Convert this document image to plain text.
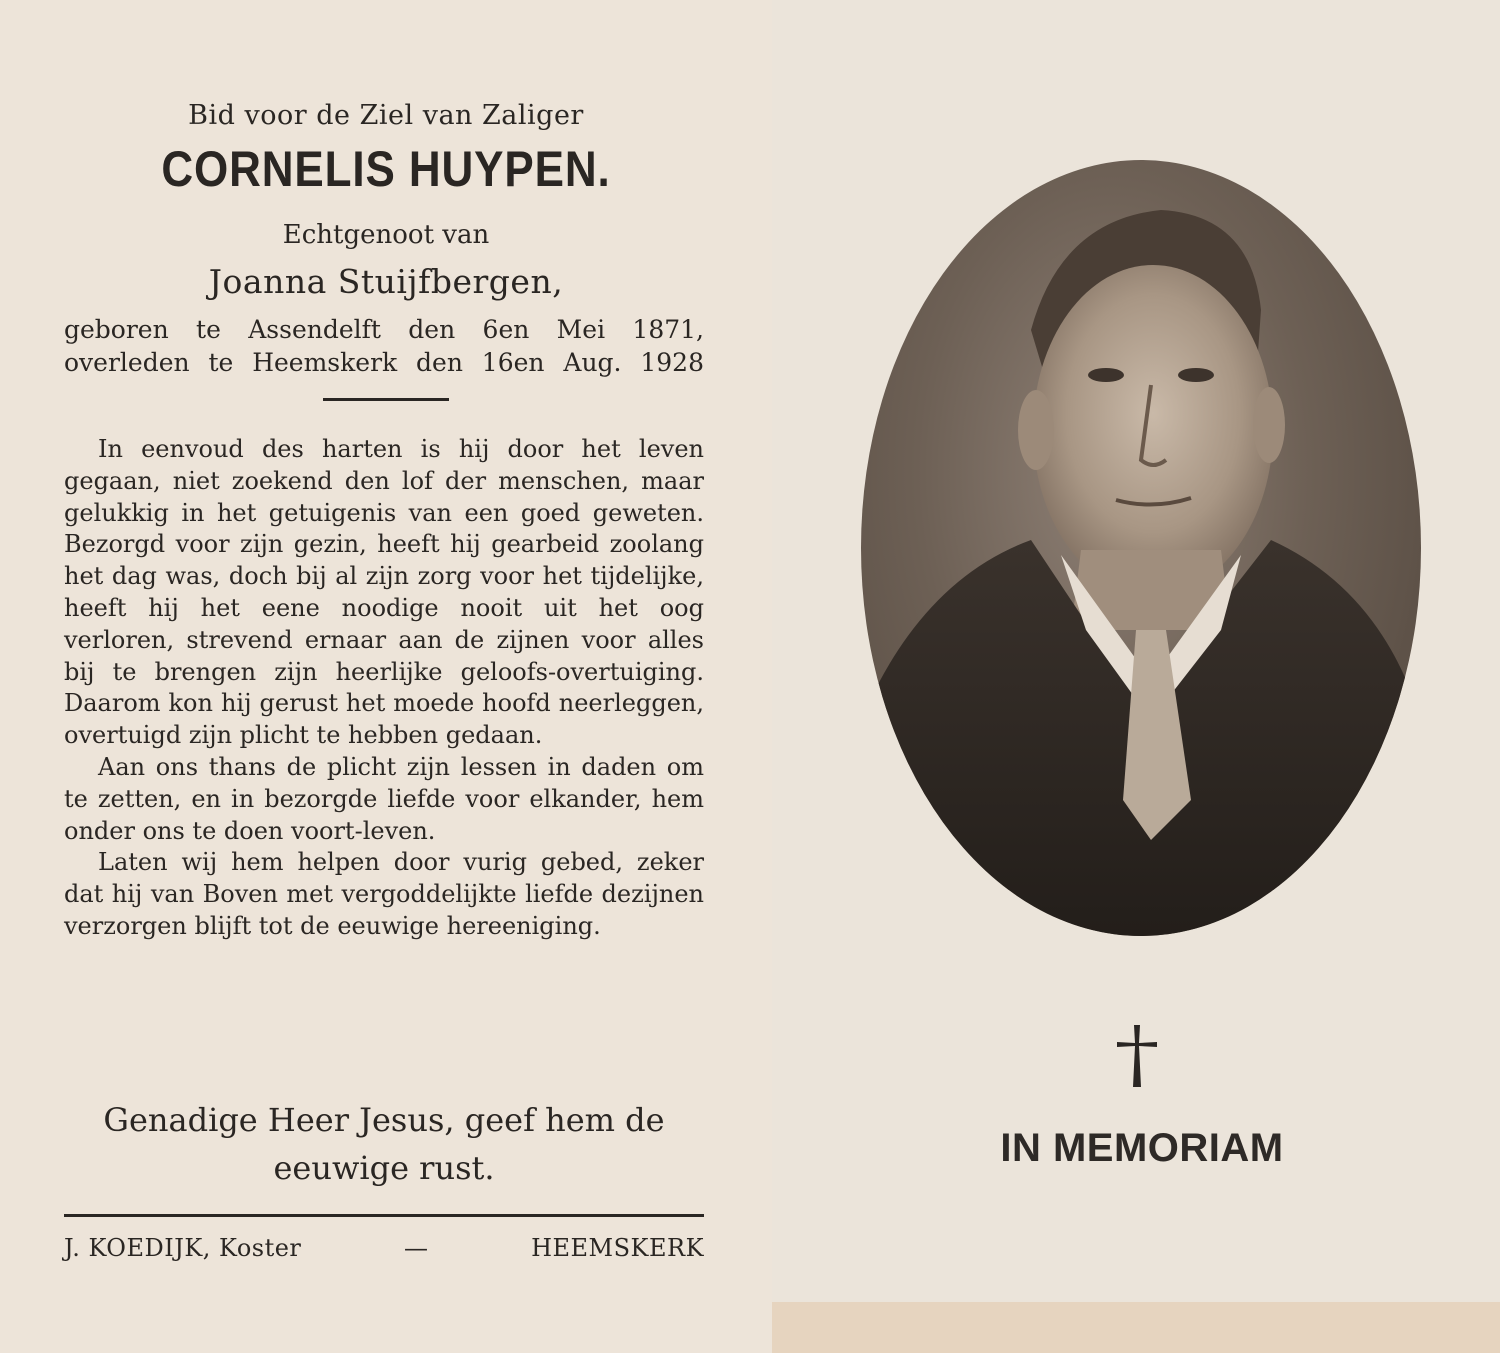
Bid voor de Ziel van Zaliger
CORNELIS HUYPEN.
Echtgenoot van
Joanna Stuijfbergen,
geboren te Assendelft den 6en Mei 1871,
overleden te Heemskerk den 16en Aug. 1928

In eenvoud des harten is hij door het leven gegaan, niet zoekend den lof der menschen, maar gelukkig in het getuigenis van een goed geweten. Bezorgd voor zijn gezin, heeft hij gearbeid zoolang het dag was, doch bij al zijn zorg voor het tijdelijke, heeft hij het eene noodige nooit uit het oog verloren, strevend ernaar aan de zijnen voor alles bij te brengen zijn heerlijke geloofs-overtuiging. Daarom kon hij gerust het moede hoofd neerleggen, overtuigd zijn plicht te hebben gedaan.

Aan ons thans de plicht zijn lessen in daden om te zetten, en in bezorgde liefde voor elkander, hem onder ons te doen voort-leven.

Laten wij hem helpen door vurig gebed, zeker dat hij van Boven met vergoddelijkte liefde dezijnen verzorgen blijft tot de eeuwige hereeniging.

Genadige Heer Jesus, geef hem de eeuwige rust.
J. KOEDIJK, Koster	—	HEEMSKERK
IN MEMORIAM
